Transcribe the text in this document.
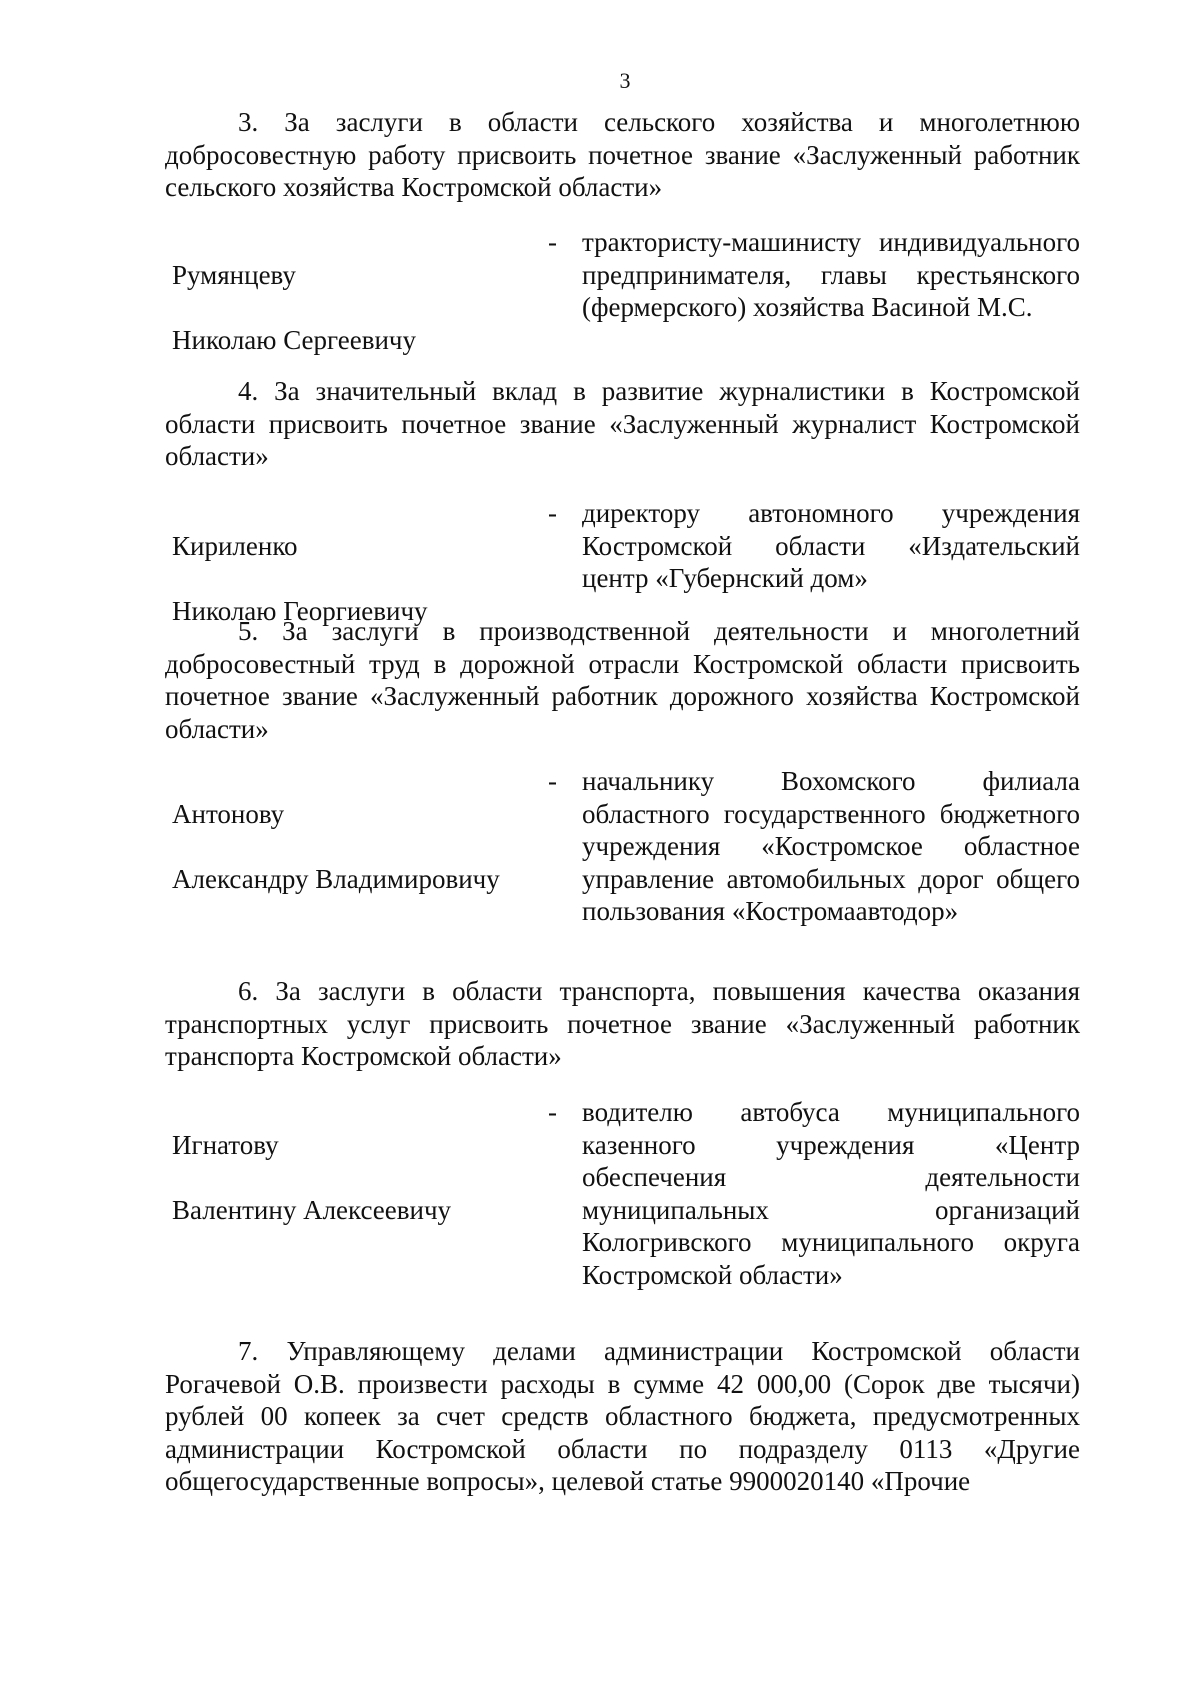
3

3. За заслуги в области сельского хозяйства и многолетнюю добросовестную работу присвоить почетное звание «Заслуженный работник сельского хозяйства Костромской области»

Румянцеву

Николаю Сергеевичу

- трактористу-машинисту индивидуального предпринимателя, главы крестьянского (фермерского) хозяйства Васиной М.С.

4. За значительный вклад в развитие журналистики в Костромской области присвоить почетное звание «Заслуженный журналист Костромской области»

Кириленко

Николаю Георгиевичу

- директору автономного учреждения Костромской области «Издательский центр «Губернский дом»

5. За заслуги в производственной деятельности и многолетний добросовестный труд в дорожной отрасли Костромской области присвоить почетное звание «Заслуженный работник дорожного хозяйства Костромской области»

Антонову

Александру Владимировичу

- начальнику Вохомского филиала областного государственного бюджетного учреждения «Костромское областное управление автомобильных дорог общего пользования «Костромаавтодор»

6. За заслуги в области транспорта, повышения качества оказания транспортных услуг присвоить почетное звание «Заслуженный работник транспорта Костромской области»

Игнатову

Валентину Алексеевичу

- водителю автобуса муниципального казенного учреждения «Центр обеспечения деятельности муниципальных организаций Кологривского муниципального округа Костромской области»

7. Управляющему делами администрации Костромской области Рогачевой О.В. произвести расходы в сумме 42 000,00 (Сорок две тысячи) рублей 00 копеек за счет средств областного бюджета, предусмотренных администрации Костромской области по подразделу 0113 «Другие общегосударственные вопросы», целевой статье 9900020140 «Прочие
